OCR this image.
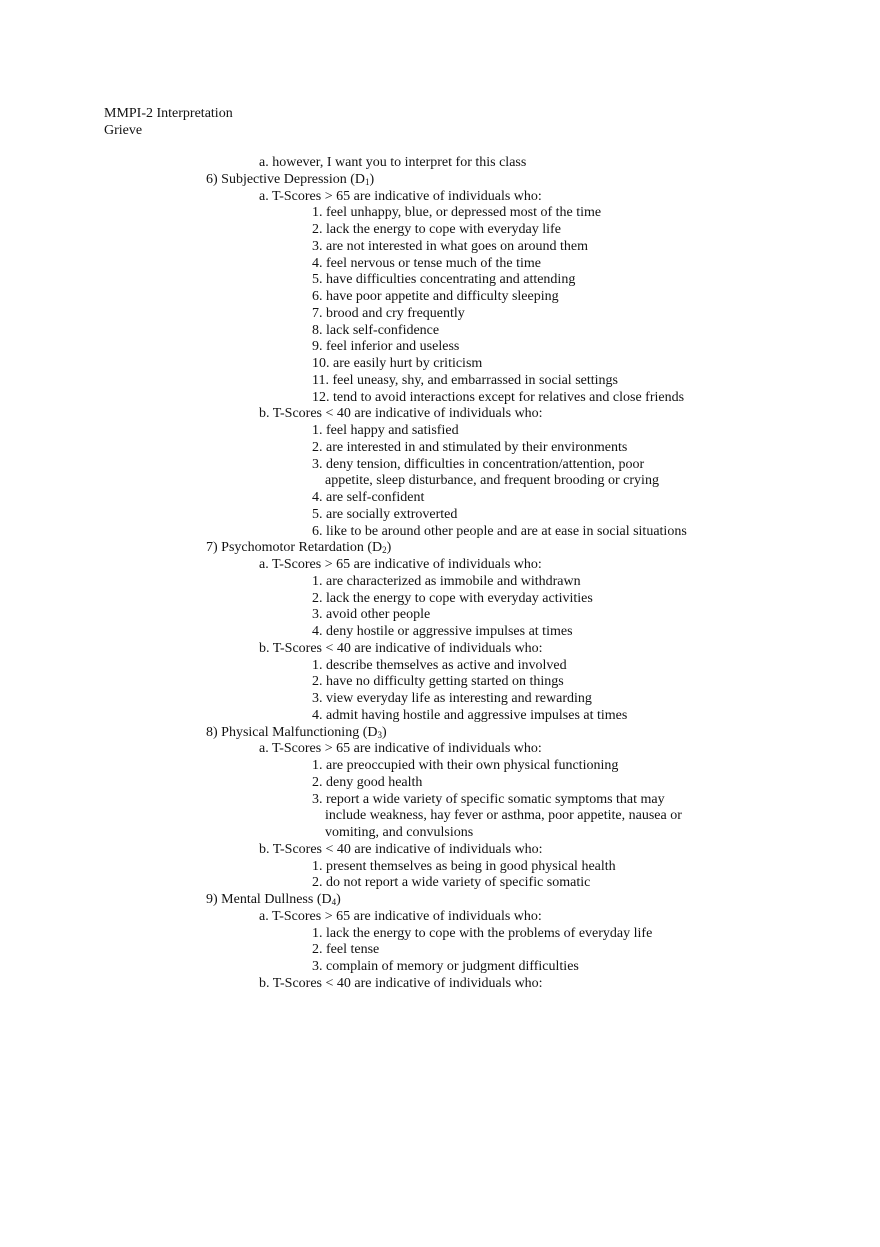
MMPI-2 Interpretation
Grieve
a. however, I want you to interpret for this class
6) Subjective Depression $(D_1)$
a. T-Scores > 65 are indicative of individuals who:
1. feel unhappy, blue, or depressed most of the time
2. lack the energy to cope with everyday life
3. are not interested in what goes on around them
4. feel nervous or tense much of the time
5. have difficulties concentrating and attending
6. have poor appetite and difficulty sleeping
7. brood and cry frequently
8. lack self-confidence
9. feel inferior and useless
10. are easily hurt by criticism
11. feel uneasy, shy, and embarrassed in social settings
12. tend to avoid interactions except for relatives and close friends
b. T-Scores < 40 are indicative of individuals who:
1. feel happy and satisfied
2. are interested in and stimulated by their environments
3. deny tension, difficulties in concentration/attention, poor
appetite, sleep disturbance, and frequent brooding or crying
4. are self-confident
5. are socially extroverted
6. like to be around other people and are at ease in social situations
7) Psychomotor Retardation $(D_2)$
a. T-Scores > 65 are indicative of individuals who:
1. are characterized as immobile and withdrawn
2. lack the energy to cope with everyday activities
3. avoid other people
4. deny hostile or aggressive impulses at times
b. T-Scores < 40 are indicative of individuals who:
1. describe themselves as active and involved
2. have no difficulty getting started on things
3. view everyday life as interesting and rewarding
4. admit having hostile and aggressive impulses at times
8) Physical Malfunctioning $(D_3)$
a. T-Scores > 65 are indicative of individuals who:
1. are preoccupied with their own physical functioning
2. deny good health
3. report a wide variety of specific somatic symptoms that may
include weakness, hay fever or asthma, poor appetite, nausea or
vomiting, and convulsions
b. T-Scores < 40 are indicative of individuals who:
1. present themselves as being in good physical health
2. do not report a wide variety of specific somatic
9) Mental Dullness $(D_4)$
a. T-Scores > 65 are indicative of individuals who:
1. lack the energy to cope with the problems of everyday life
2. feel tense
3. complain of memory or judgment difficulties
b. T-Scores < 40 are indicative of individuals who:
